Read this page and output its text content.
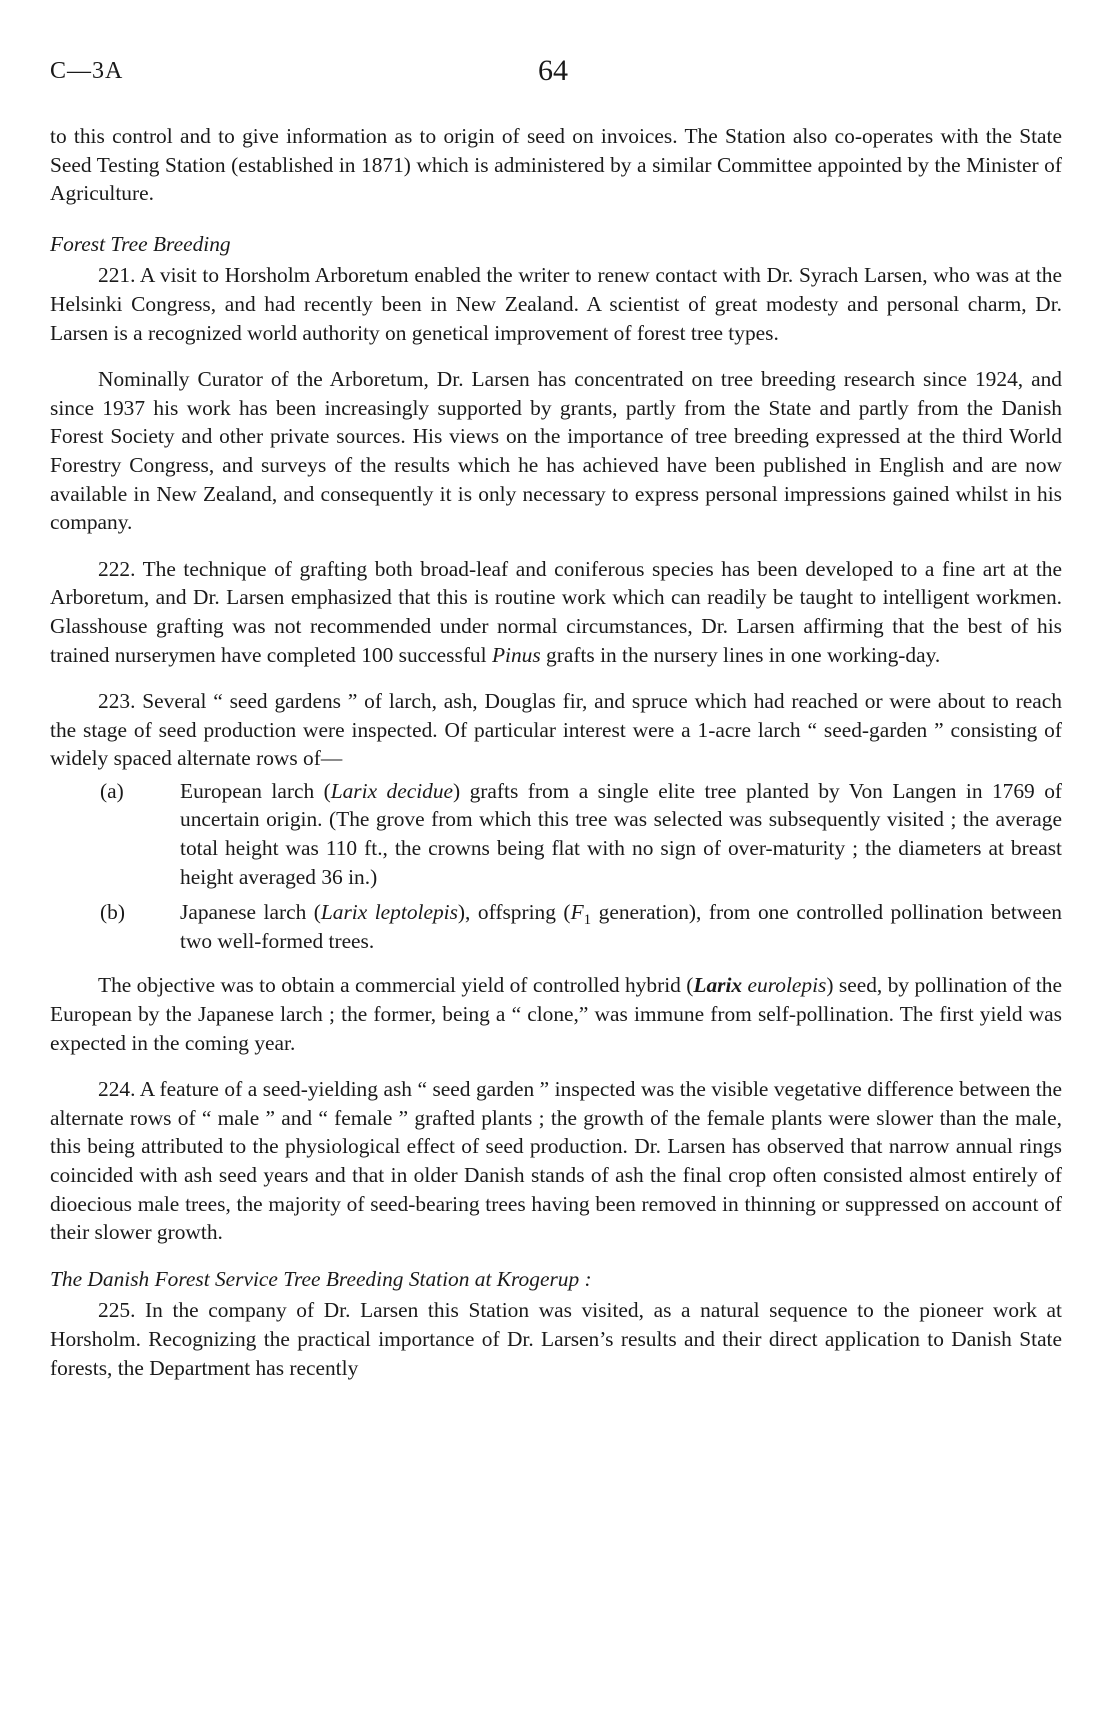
C—3A	64

to this control and to give information as to origin of seed on invoices. The Station also co-operates with the State Seed Testing Station (established in 1871) which is administered by a similar Committee appointed by the Minister of Agriculture.

Forest Tree Breeding

221. A visit to Horsholm Arboretum enabled the writer to renew contact with Dr. Syrach Larsen, who was at the Helsinki Congress, and had recently been in New Zealand. A scientist of great modesty and personal charm, Dr. Larsen is a recognized world authority on genetical improvement of forest tree types.

Nominally Curator of the Arboretum, Dr. Larsen has concentrated on tree breeding research since 1924, and since 1937 his work has been increasingly supported by grants, partly from the State and partly from the Danish Forest Society and other private sources. His views on the importance of tree breeding expressed at the third World Forestry Congress, and surveys of the results which he has achieved have been published in English and are now available in New Zealand, and consequently it is only necessary to express personal impressions gained whilst in his company.

222. The technique of grafting both broad-leaf and coniferous species has been developed to a fine art at the Arboretum, and Dr. Larsen emphasized that this is routine work which can readily be taught to intelligent workmen. Glasshouse grafting was not recommended under normal circumstances, Dr. Larsen affirming that the best of his trained nurserymen have completed 100 successful Pinus grafts in the nursery lines in one working-day.

223. Several “ seed gardens ” of larch, ash, Douglas fir, and spruce which had reached or were about to reach the stage of seed production were inspected. Of particular interest were a 1-acre larch “ seed-garden ” consisting of widely spaced alternate rows of—

(a)	European larch (Larix decidue) grafts from a single elite tree planted by Von Langen in 1769 of uncertain origin. (The grove from which this tree was selected was subsequently visited ; the average total height was 110 ft., the crowns being flat with no sign of over-maturity ; the diameters at breast height averaged 36 in.)
(b)	Japanese larch (Larix leptolepis), offspring ($F_1$ generation), from one controlled pollination between two well-formed trees.

The objective was to obtain a commercial yield of controlled hybrid (Larix eurolepis) seed, by pollination of the European by the Japanese larch ; the former, being a “ clone,” was immune from self-pollination. The first yield was expected in the coming year.

224. A feature of a seed-yielding ash “ seed garden ” inspected was the visible vegetative difference between the alternate rows of “ male ” and “ female ” grafted plants ; the growth of the female plants were slower than the male, this being attributed to the physiological effect of seed production. Dr. Larsen has observed that narrow annual rings coincided with ash seed years and that in older Danish stands of ash the final crop often consisted almost entirely of dioecious male trees, the majority of seed-bearing trees having been removed in thinning or suppressed on account of their slower growth.

The Danish Forest Service Tree Breeding Station at Krogerup :

225. In the company of Dr. Larsen this Station was visited, as a natural sequence to the pioneer work at Horsholm. Recognizing the practical importance of Dr. Larsen’s results and their direct application to Danish State forests, the Department has recently
